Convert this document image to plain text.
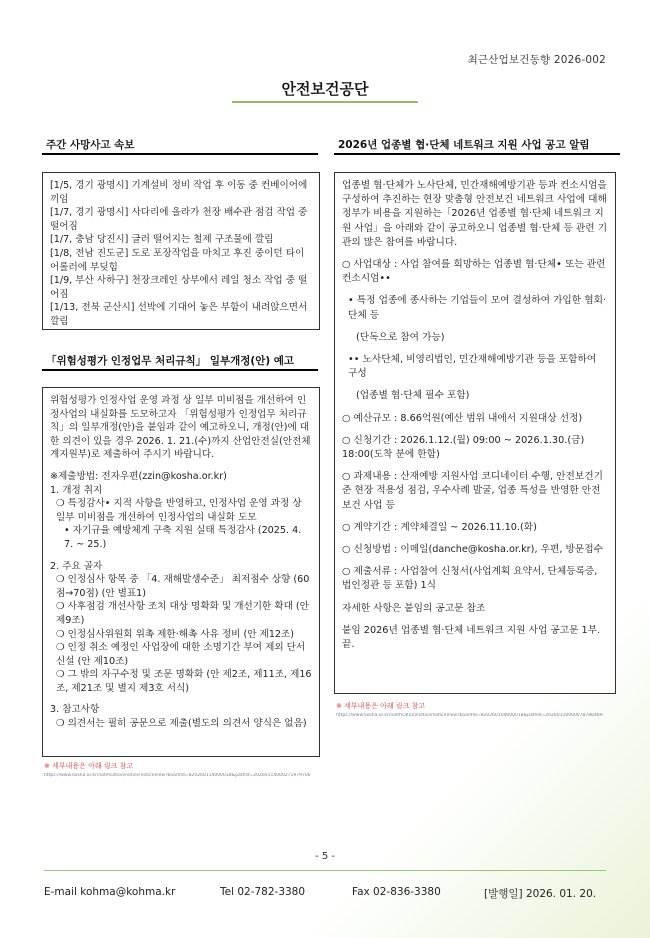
최근산업보건동향 2026-002
안전보건공단
주간 사망사고 속보

[1/5, 경기 광명시] 기계설비 정비 작업 후 이동 중 컨베이어에 끼임

[1/7, 경기 광명시] 사다리에 올라가 천장 배수관 점검 작업 중 떨어짐

[1/7, 충남 당진시] 글러 떨어지는 철제 구조물에 깔림

[1/8, 전남 진도군] 도로 포장작업을 마치고 후진 중이던 타이어롤러에 부딪힘

[1/9, 부산 사하구] 천장크레인 상부에서 레일 청소 작업 중 떨어짐

[1/13, 전북 군산시] 선박에 기대어 놓은 부함이 내려앉으면서 깔림

「위험성평가 인정업무 처리규칙」 일부개정(안) 예고

위험성평가 인정사업 운영 과정 상 일부 미비점을 개선하여 인정사업의 내실화를 도모하고자 「위험성평가 인정업무 처리규칙」의 일부개정(안)을 붙임과 같이 예고하오니, 개정(안)에 대한 의견이 있을 경우 2026. 1. 21.(수)까지 산업안전실(안전체계지원부)로 제출하여 주시기 바랍니다.

※제출방법: 전자우편(zzin@kosha.or.kr)

1. 개정 취지

❍ 특정감사• 지적 사항을 반영하고, 인정사업 운영 과정 상 일부 미비점을 개선하여 인정사업의 내실화 도모

• 자기규율 예방체계 구축 지원 실태 특정감사 (2025. 4. 7. ~ 25.)

2. 주요 골자

❍ 인정심사 항목 중 「4. 재해발생수준」 최저점수 상향 (60점→70점) (안 별표1)

❍ 사후점검 개선사항 조치 대상 명확화 및 개선기한 확대 (안 제9조)

❍ 인정심사위원회 위촉 제한·해촉 사유 정비 (안 제12조)

❍ 인정 취소 예정인 사업장에 대한 소명기간 부여 제외 단서 신설 (안 제10조)

❍ 그 밖의 자구수정 및 조문 명확화 (안 제2조, 제11조, 제16조, 제21조 및 별지 제3호 서식)

3. 참고사항

❍ 의견서는 필히 공문으로 제출(별도의 의견서 양식은 없음)

※ 세부내용은 아래 링크 참고
https://www.kosha.or.kr/notification/notice/noticeView?boardId=B20260114000018&pathId=20260114000271979706
2026년 업종별 협·단체 네트워크 지원 사업 공고 알림

업종별 협·단체가 노사단체, 민간재해예방기관 등과 컨소시엄을 구성하여 추진하는 현장 맞춤형 안전보건 네트워크 사업에 대해 정부가 비용을 지원하는「2026년 업종별 협·단체 네트워크 지원 사업」을 아래와 같이 공고하오니 업종별 협·단체 등 관련 기관의 많은 참여를 바랍니다.

○ 사업대상 : 사업 참여를 희망하는 업종별 협·단체• 또는 관련 컨소시엄••

• 특정 업종에 종사하는 기업들이 모여 결성하여 가입한 협회·단체 등

(단독으로 참여 가능)

•• 노사단체, 비영리법인, 민간재해예방기관 등을 포함하여 구성

(업종별 협·단체 필수 포함)

○ 예산규모 : 8.66억원(예산 범위 내에서 지원대상 선정)

○ 신청기간 : 2026.1.12.(월) 09:00 ~ 2026.1.30.(금) 18:00(도착 분에 한함)

○ 과제내용 : 산재예방 지원사업 코디네이터 수행, 안전보건기준 현장 적용성 점검, 우수사례 발굴, 업종 특성을 반영한 안전보건 사업 등

○ 계약기간 : 계약체결일 ~ 2026.11.10.(화)

○ 신청방법 : 이메일(danche@kosha.or.kr), 우편, 방문접수

○ 제출서류 : 사업참여 신청서(사업계획 요약서, 단체등록증, 법인정관 등 포함) 1식

자세한 사항은 붙임의 공고문 참조

붙임 2026년 업종별 협·단체 네트워크 지원 사업 공고문 1부. 끝.

※ 세부내용은 아래 링크 참고
https://www.kosha.or.kr/notification/notice/noticeView?boardId=B20260109000018&pathId=20260110000078786469
- 5 -
E-mail kohma@kohma.kr	Tel 02-782-3380	Fax 02-836-3380	[발행일] 2026. 01. 20.
